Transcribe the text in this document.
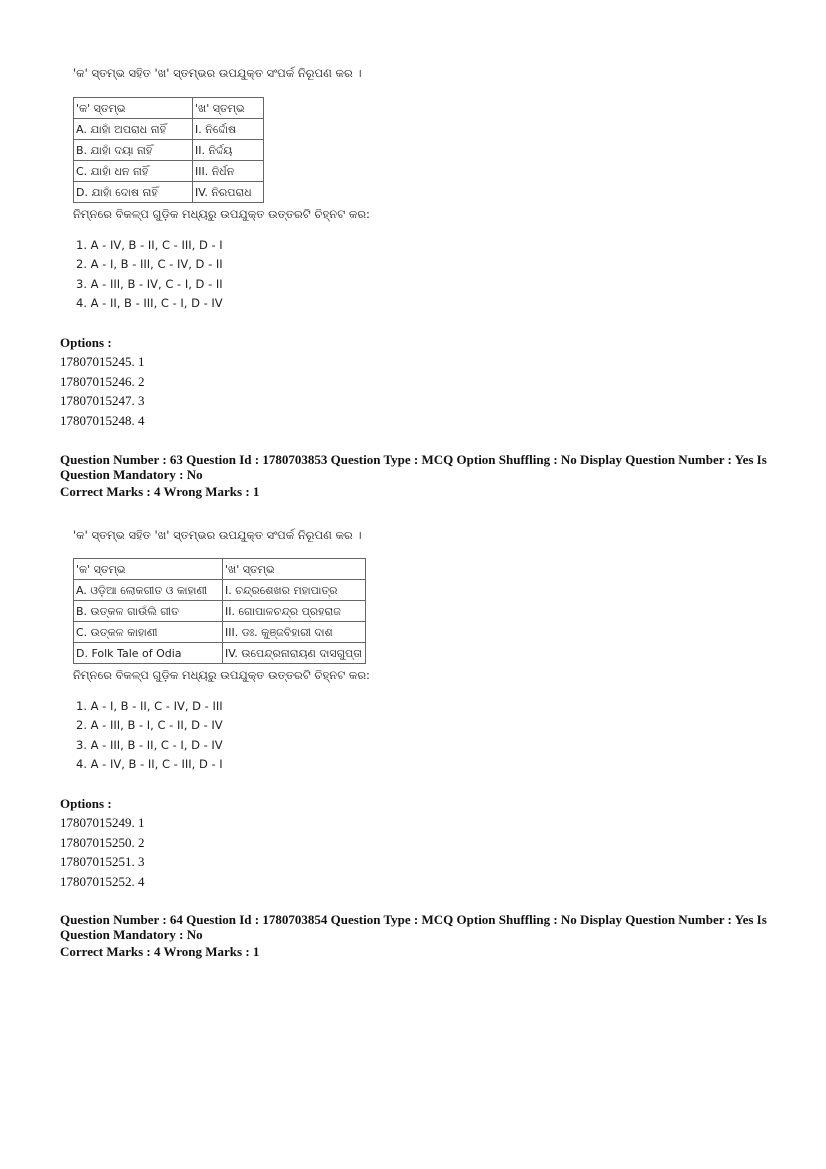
'କ' ସ୍ତମ୍ଭ ସହିତ 'ଖ' ସ୍ତମ୍ଭର ଉପଯୁକ୍ତ ସଂପର୍କ ନିରୂପଣ କର ।
'କ' ସ୍ତମ୍ଭ	'ଖ' ସ୍ତମ୍ଭ
A. ଯାହାଁ ଅପରାଧ ନାହିଁ	I. ନିର୍ଦ୍ଦୋଷ
B. ଯାହାଁ ଦୟା ନାହିଁ	II. ନିର୍ଦ୍ଦୟ
C. ଯାହାଁ ଧନ ନାହିଁ	III. ନିର୍ଧନ
D. ଯାହାଁ ଦୋଷ ନାହିଁ	IV. ନିରପରାଧ
ନିମ୍ନରେ ବିକଳ୍ପ ଗୁଡ଼ିକ ମଧ୍ୟରୁ ଉପଯୁକ୍ତ ଉତ୍ତରଟି ଚିହ୍ନଟ କର:
1. A - IV, B - II, C - III, D - I
2. A - I, B - III, C - IV, D - II
3. A - III, B - IV, C - I, D - II
4. A - II, B - III, C - I, D - IV
Options :
17807015245. 1
17807015246. 2
17807015247. 3
17807015248. 4
Question Number : 63 Question Id : 1780703853 Question Type : MCQ Option Shuffling : No Display Question Number : Yes Is
Question Mandatory : No
Correct Marks : 4 Wrong Marks : 1
'କ' ସ୍ତମ୍ଭ ସହିତ 'ଖ' ସ୍ତମ୍ଭର ଉପଯୁକ୍ତ ସଂପର୍କ ନିରୂପଣ କର ।
'କ' ସ୍ତମ୍ଭ	'ଖ' ସ୍ତମ୍ଭ
A. ଓଡ଼ିଆ ଲୋକଗୀତ ଓ କାହାଣୀ	I. ଚନ୍ଦ୍ରଶେଖର ମହାପାତ୍ର
B. ଉତ୍କଳ ଗାଉଁଲି ଗୀତ	II. ଗୋପାଳଚନ୍ଦ୍ର ପ୍ରହରାଜ
C. ଉତ୍କଳ କାହାଣୀ	III. ଡଃ. କୁଞ୍ଜବିହାରୀ ଦାଶ
D. Folk Tale of Odia	IV. ଉପେନ୍ଦ୍ରନାରାୟଣ ଦାସଗୁପ୍ତା
ନିମ୍ନରେ ବିକଳ୍ପ ଗୁଡ଼ିକ ମଧ୍ୟରୁ ଉପଯୁକ୍ତ ଉତ୍ତରଟି ଚିହ୍ନଟ କର:
1. A - I, B - II, C - IV, D - III
2. A - III, B - I, C - II, D - IV
3. A - III, B - II, C - I, D - IV
4. A - IV, B - II, C - III, D - I
Options :
17807015249. 1
17807015250. 2
17807015251. 3
17807015252. 4
Question Number : 64 Question Id : 1780703854 Question Type : MCQ Option Shuffling : No Display Question Number : Yes Is
Question Mandatory : No
Correct Marks : 4 Wrong Marks : 1
